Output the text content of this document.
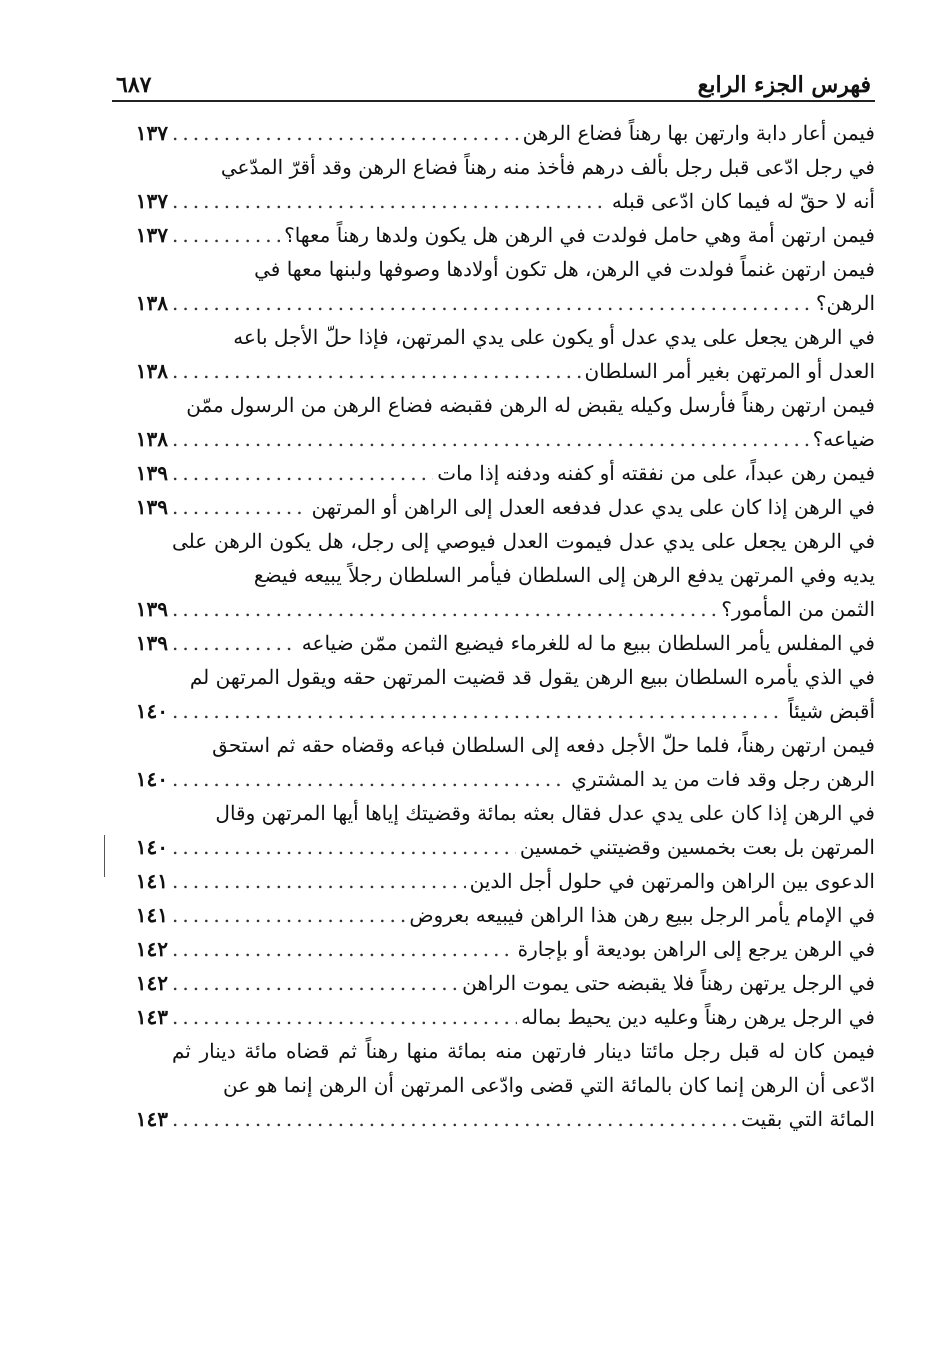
فهرس الجزء الرابع
٦٨٧
فيمن أعار دابة وارتهن بها رهناً فضاع الرهن
.....
١٣٧
في رجل ادّعى قبل رجل بألف درهم فأخذ منه رهناً فضاع الرهن وقد أقرّ المدّعي
أنه لا حقّ له فيما كان ادّعى قبله
.....
١٣٧
فيمن ارتهن أمة وهي حامل فولدت في الرهن هل يكون ولدها رهناً معها؟
.....
١٣٧
فيمن ارتهن غنماً فولدت في الرهن، هل تكون أولادها وصوفها ولبنها معها في
الرهن؟
.....
١٣٨
في الرهن يجعل على يدي عدل أو يكون على يدي المرتهن، فإذا حلّ الأجل باعه
العدل أو المرتهن بغير أمر السلطان
.....
١٣٨
فيمن ارتهن رهناً فأرسل وكيله يقبض له الرهن فقبضه فضاع الرهن من الرسول ممّن
ضياعه؟
.....
١٣٨
فيمن رهن عبداً، على من نفقته أو كفنه ودفنه إذا مات
.....
١٣٩
في الرهن إذا كان على يدي عدل فدفعه العدل إلى الراهن أو المرتهن
.....
١٣٩
في الرهن يجعل على يدي عدل فيموت العدل فيوصي إلى رجل، هل يكون الرهن على يديه وفي المرتهن يدفع الرهن إلى السلطان فيأمر السلطان رجلاً يبيعه فيضع
الثمن من المأمور؟
.....
١٣٩
في المفلس يأمر السلطان ببيع ما له للغرماء فيضيع الثمن ممّن ضياعه
.....
١٣٩
في الذي يأمره السلطان ببيع الرهن يقول قد قضيت المرتهن حقه ويقول المرتهن لم
أقبض شيئاً
.....
١٤٠
فيمن ارتهن رهناً، فلما حلّ الأجل دفعه إلى السلطان فباعه وقضاه حقه ثم استحق
الرهن رجل وقد فات من يد المشتري
.....
١٤٠
في الرهن إذا كان على يدي عدل فقال بعثه بمائة وقضيتك إياها أيها المرتهن وقال
المرتهن بل بعت بخمسين وقضيتني خمسين
.....
١٤٠
الدعوى بين الراهن والمرتهن في حلول أجل الدين
.....
١٤١
في الإمام يأمر الرجل ببيع رهن هذا الراهن فيبيعه بعروض
.....
١٤١
في الرهن يرجع إلى الراهن بوديعة أو بإجارة
.....
١٤٢
في الرجل يرتهن رهناً فلا يقبضه حتى يموت الراهن
.....
١٤٢
في الرجل يرهن رهناً وعليه دين يحيط بماله
.....
١٤٣
فيمن كان له قبل رجل مائتا دينار فارتهن منه بمائة منها رهناً ثم قضاه مائة دينار ثم ادّعى أن الرهن إنما كان بالمائة التي قضى وادّعى المرتهن أن الرهن إنما هو عن
المائة التي بقيت
.....
١٤٣
